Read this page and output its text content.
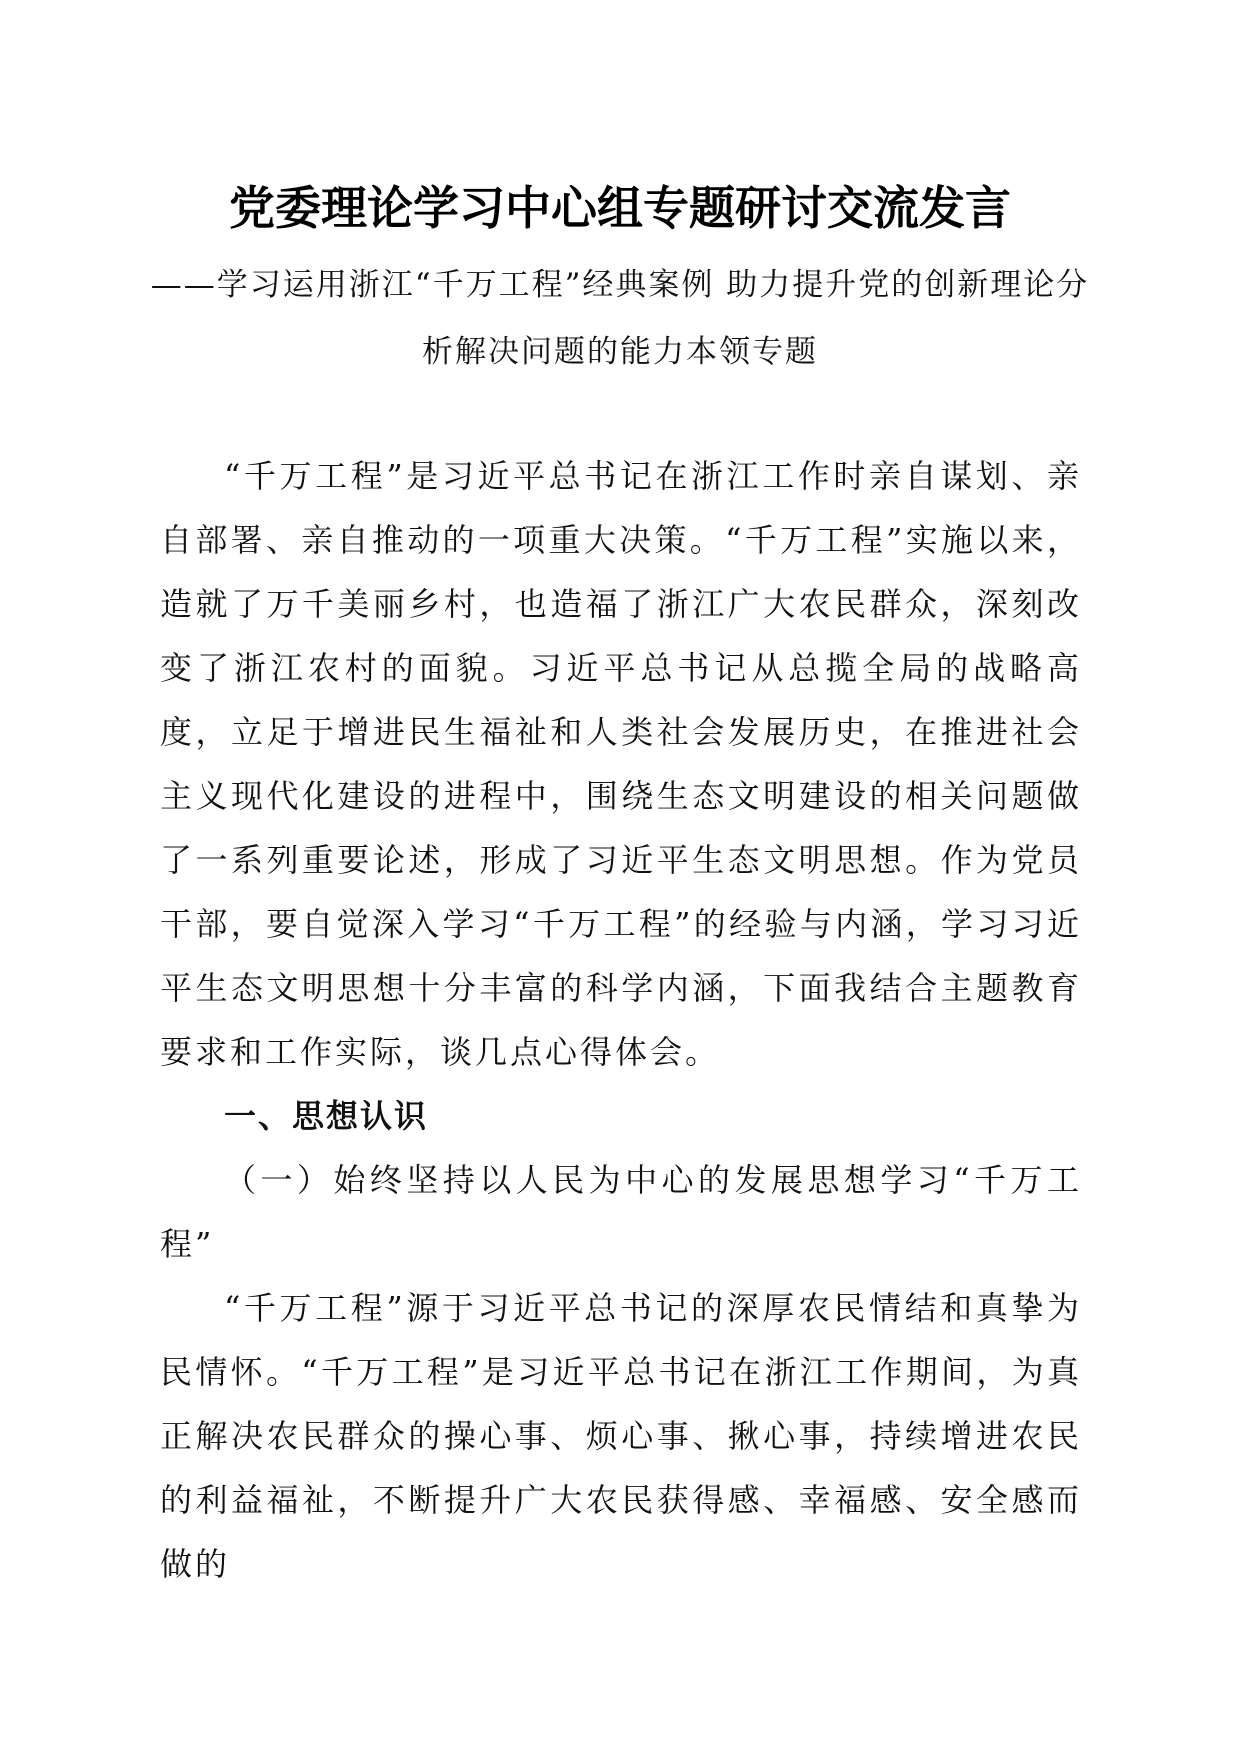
党委理论学习中心组专题研讨交流发言

——学习运用浙江“千万工程”经典案例 助力提升党的创新理论分析解决问题的能力本领专题

“千万工程”是习近平总书记在浙江工作时亲自谋划、亲自部署、亲自推动的一项重大决策。“千万工程”实施以来，造就了万千美丽乡村，也造福了浙江广大农民群众，深刻改变了浙江农村的面貌。习近平总书记从总揽全局的战略高度，立足于增进民生福祉和人类社会发展历史，在推进社会主义现代化建设的进程中，围绕生态文明建设的相关问题做了一系列重要论述，形成了习近平生态文明思想。作为党员干部，要自觉深入学习“千万工程”的经验与内涵，学习习近平生态文明思想十分丰富的科学内涵，下面我结合主题教育要求和工作实际，谈几点心得体会。

一、思想认识

（一）始终坚持以人民为中心的发展思想学习“千万工程”

“千万工程”源于习近平总书记的深厚农民情结和真挚为民情怀。“千万工程”是习近平总书记在浙江工作期间，为真正解决农民群众的操心事、烦心事、揪心事，持续增进农民的利益福祉，不断提升广大农民获得感、幸福感、安全感而做的
